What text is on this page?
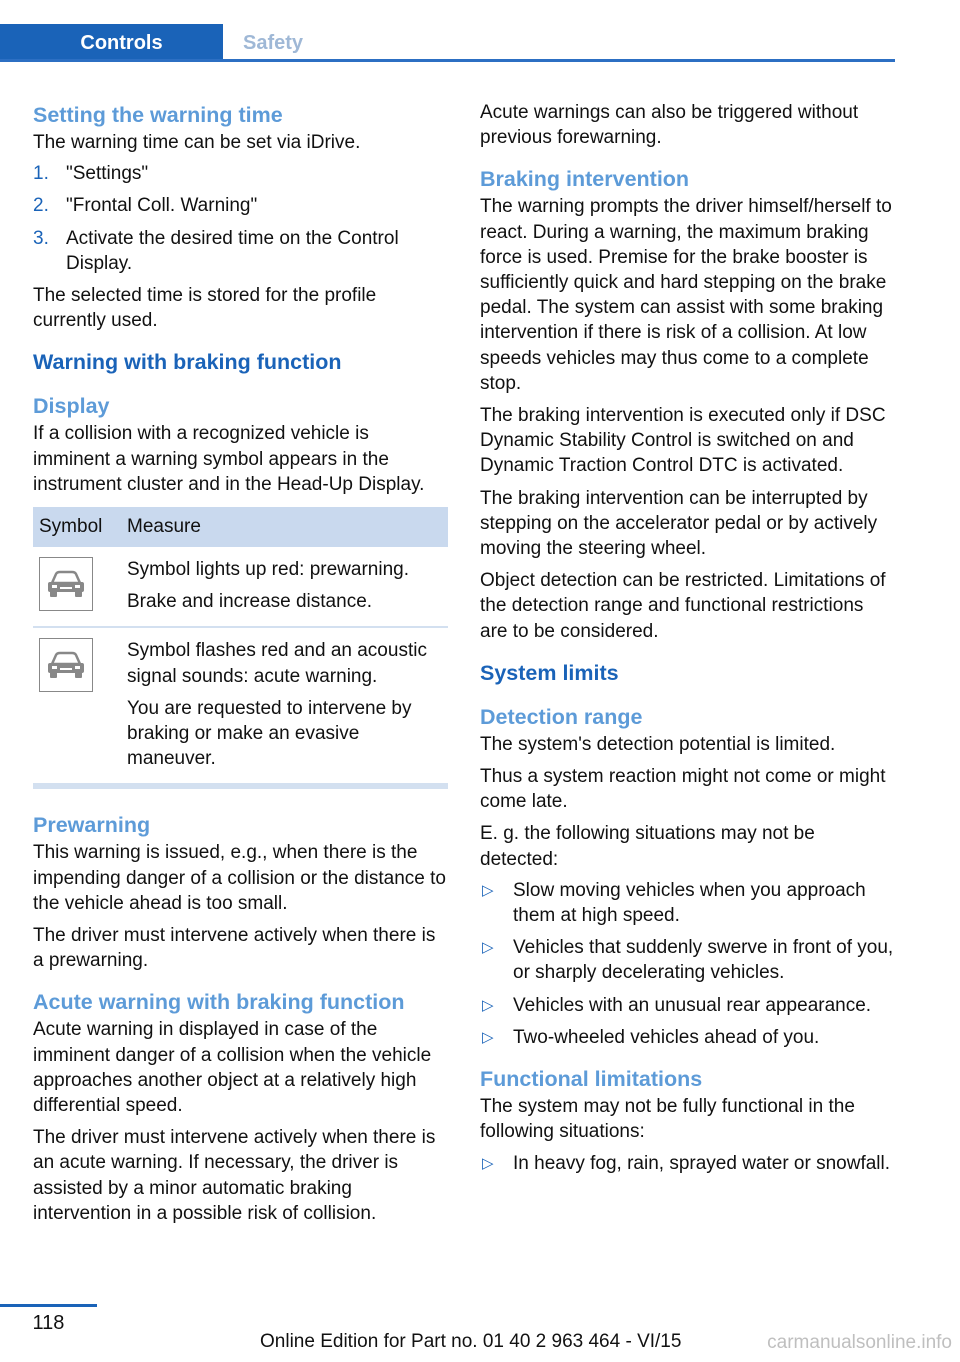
Controls	Safety
Setting the warning time

The warning time can be set via iDrive.

1. "Settings"
2. "Frontal Coll. Warning"
3. Activate the desired time on the Control Display.

The selected time is stored for the profile currently used.

Warning with braking function
Display

If a collision with a recognized vehicle is imminent a warning symbol appears in the instrument cluster and in the Head-Up Display.

Symbol	Measure

Symbol lights up red: prewarning.

Brake and increase distance.

Symbol flashes red and an acoustic signal sounds: acute warning.

You are requested to intervene by braking or make an evasive maneuver.

Prewarning

This warning is issued, e.g., when there is the impending danger of a collision or the distance to the vehicle ahead is too small.

The driver must intervene actively when there is a prewarning.

Acute warning with braking function

Acute warning in displayed in case of the imminent danger of a collision when the vehicle approaches another object at a relatively high differential speed.

The driver must intervene actively when there is an acute warning. If necessary, the driver is assisted by a minor automatic braking intervention in a possible risk of collision.

Acute warnings can also be triggered without previous forewarning.

Braking intervention

The warning prompts the driver himself/herself to react. During a warning, the maximum braking force is used. Premise for the brake booster is sufficiently quick and hard stepping on the brake pedal. The system can assist with some braking intervention if there is risk of a collision. At low speeds vehicles may thus come to a complete stop.

The braking intervention is executed only if DSC Dynamic Stability Control is switched on and Dynamic Traction Control DTC is activated.

The braking intervention can be interrupted by stepping on the accelerator pedal or by actively moving the steering wheel.

Object detection can be restricted. Limitations of the detection range and functional restrictions are to be considered.

System limits
Detection range

The system's detection potential is limited.

Thus a system reaction might not come or might come late.

E. g. the following situations may not be detected:

▷ Slow moving vehicles when you approach them at high speed.
▷ Vehicles that suddenly swerve in front of you, or sharply decelerating vehicles.
▷ Vehicles with an unusual rear appearance.
▷ Two-wheeled vehicles ahead of you.
Functional limitations

The system may not be fully functional in the following situations:

▷ In heavy fog, rain, sprayed water or snowfall.
118
Online Edition for Part no. 01 40 2 963 464 - VI/15	carmanualsonline.info
